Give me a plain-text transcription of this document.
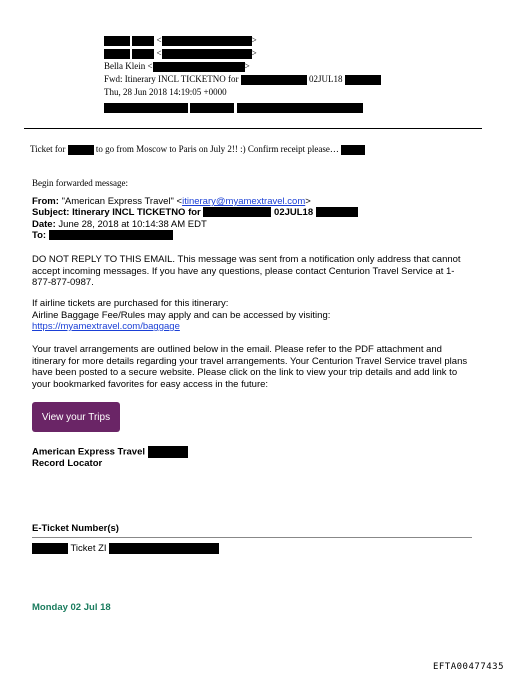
<	>
<	>
Bella Klein <	>
Fwd: Itinerary INCL TICKETNO for	02JUL18
Thu, 28 Jun 2018 14:19:05 +0000

Ticket for	to go from Moscow to Paris on July 2!! :) Confirm receipt please…
Begin forwarded message:
From: "American Express Travel" <itinerary@myamextravel.com>
Subject: Itinerary INCL TICKETNO for	02JUL18
Date: June 28, 2018 at 10:14:38 AM EDT
To:
DO NOT REPLY TO THIS EMAIL. This message was sent from a notification only address that cannot accept incoming messages. If you have any questions, please contact Centurion Travel Service at 1-877-877-0987.
If airline tickets are purchased for this itinerary:
Airline Baggage Fee/Rules may apply and can be accessed by visiting:
https://myamextravel.com/baggage
Your travel arrangements are outlined below in the email. Please refer to the PDF attachment and itinerary for more details regarding your travel arrangements. Your Centurion Travel Service travel plans have been posted to a secure website. Please click on the link to view your trip details and add link to your bookmarked favorites for easy access in the future:
View your Trips
American Express Travel
Record Locator
E-Ticket Number(s)
Ticket ZI
Monday 02 Jul 18
EFTA00477435
